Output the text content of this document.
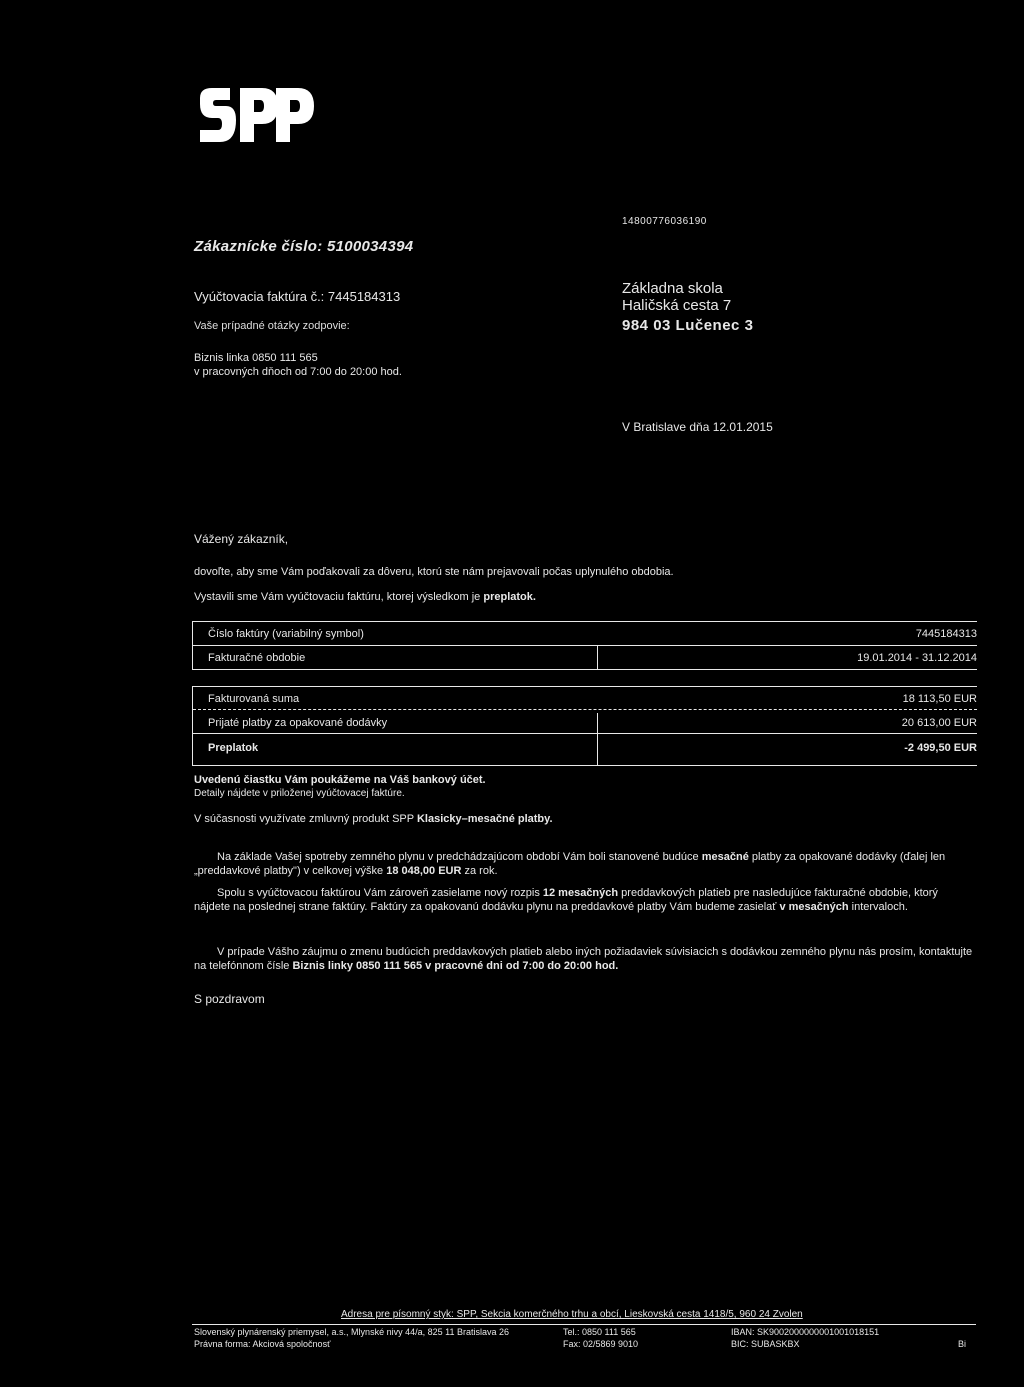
14800776036190
Zákaznícke číslo: 5100034394
Vyúčtovacia faktúra č.: 7445184313
Vaše prípadné otázky zodpovie:
Biznis linka 0850 111 565
v pracovných dňoch od 7:00 do 20:00 hod.
Základna skola
Haličská cesta 7
984 03 Lučenec 3
V Bratislave dňa 12.01.2015
Vážený zákazník,
dovoľte, aby sme Vám poďakovali za dôveru, ktorú ste nám prejavovali počas uplynulého obdobia.
Vystavili sme Vám vyúčtovaciu faktúru, ktorej výsledkom je preplatok.
Číslo faktúry (variabilný symbol)	7445184313
Fakturačné obdobie	19.01.2014 - 31.12.2014
Fakturovaná suma	18 113,50 EUR
Prijaté platby za opakované dodávky	20 613,00 EUR
Preplatok	-2 499,50 EUR
Uvedenú čiastku Vám poukážeme na Váš bankový účet.
Detaily nájdete v priloženej vyúčtovacej faktúre.
V súčasnosti využívate zmluvný produkt SPP Klasicky–mesačné platby.
Na základe Vašej spotreby zemného plynu v predchádzajúcom období Vám boli stanovené budúce mesačné platby za opakované dodávky (ďalej len „preddavkové platby") v celkovej výške 18 048,00 EUR za rok.
Spolu s vyúčtovacou faktúrou Vám zároveň zasielame nový rozpis 12 mesačných preddavkových platieb pre nasledujúce fakturačné obdobie, ktorý nájdete na poslednej strane faktúry. Faktúry za opakovanú dodávku plynu na preddavkové platby Vám budeme zasielať v mesačných intervaloch.
V prípade Vášho záujmu o zmenu budúcich preddavkových platieb alebo iných požiadaviek súvisiacich s dodávkou zemného plynu nás prosím, kontaktujte na telefónnom čísle Biznis linky 0850 111 565 v pracovné dni od 7:00 do 20:00 hod.
S pozdravom
Adresa pre písomný styk: SPP, Sekcia komerčného trhu a obcí, Lieskovská cesta 1418/5, 960 24 Zvolen
Slovenský plynárenský priemysel, a.s., Mlynské nivy 44/a, 825 11 Bratislava 26
Právna forma: Akciová spoločnosť
Tel.: 0850 111 565
Fax: 02/5869 9010
IBAN: SK9002000000001001018151
BIC: SUBASKBX	Bi
